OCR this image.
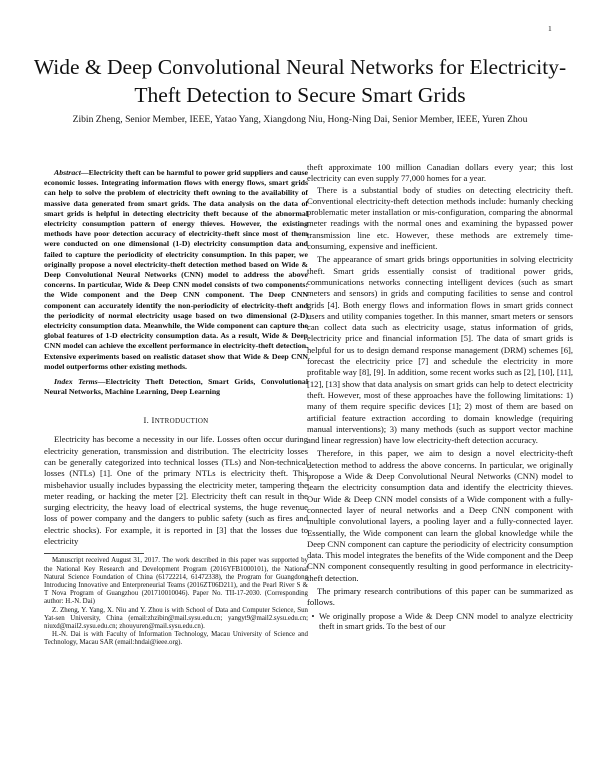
1
Wide & Deep Convolutional Neural Networks for Electricity-Theft Detection to Secure Smart Grids
Zibin Zheng, Senior Member, IEEE, Yatao Yang, Xiangdong Niu, Hong-Ning Dai, Senior Member, IEEE, Yuren Zhou

Abstract—Electricity theft can be harmful to power grid suppliers and cause economic losses. Integrating information flows with energy flows, smart grids can help to solve the problem of electricity theft owning to the availability of massive data generated from smart grids. The data analysis on the data of smart grids is helpful in detecting electricity theft because of the abnormal electricity consumption pattern of energy thieves. However, the existing methods have poor detection accuracy of electricity-theft since most of them were conducted on one dimensional (1-D) electricity consumption data and failed to capture the periodicity of electricity consumption. In this paper, we originally propose a novel electricity-theft detection method based on Wide & Deep Convolutional Neural Networks (CNN) model to address the above concerns. In particular, Wide & Deep CNN model consists of two components: the Wide component and the Deep CNN component. The Deep CNN component can accurately identify the non-periodicity of electricity-theft and the periodicity of normal electricity usage based on two dimensional (2-D) electricity consumption data. Meanwhile, the Wide component can capture the global features of 1-D electricity consumption data. As a result, Wide & Deep CNN model can achieve the excellent performance in electricity-theft detection. Extensive experiments based on realistic dataset show that Wide & Deep CNN model outperforms other existing methods.

Index Terms—Electricity Theft Detection, Smart Grids, Convolutional Neural Networks, Machine Learning, Deep Learning

I. INTRODUCTION

Electricity has become a necessity in our life. Losses often occur during electricity generation, transmission and distribution. The electricity losses can be generally categorized into technical losses (TLs) and Non-technical losses (NTLs) [1]. One of the primary NTLs is electricity theft. This misbehavior usually includes bypassing the electricity meter, tampering the meter reading, or hacking the meter [2]. Electricity theft can result in the surging electricity, the heavy load of electrical systems, the huge revenue loss of power company and the dangers to public safety (such as fires and electric shocks). For example, it is reported in [3] that the losses due to electricity

Manuscript received August 31, 2017. The work described in this paper was supported by the National Key Research and Development Program (2016YFB1000101), the National Natural Science Foundation of China (61722214, 61472338), the Program for Guangdong Introducing Innovative and Enterpreneurial Teams (2016ZT06D211), and the Pearl River S & T Nova Program of Guangzhou (201710010046). Paper No. TII-17-2030. (Corresponding author: H.-N. Dai)

Z. Zheng, Y. Yang, X. Niu and Y. Zhou is with School of Data and Computer Science, Sun Yat-sen University, China (email:zhzibin@mail.sysu.edu.cn; yangyt9@mail2.sysu.edu.cn; niuxd@mail2.sysu.edu.cn; zhouyuren@mail.sysu.edu.cn).

H.-N. Dai is with Faculty of Information Technology, Macau University of Science and Technology, Macau SAR (email:hndai@ieee.org).

theft approximate 100 million Canadian dollars every year; this lost electricity can even supply 77,000 homes for a year.

There is a substantial body of studies on detecting electricity theft. Conventional electricity-theft detection methods include: humanly checking problematic meter installation or mis-configuration, comparing the abnormal meter readings with the normal ones and examining the bypassed power transmission line etc. However, these methods are extremely time-consuming, expensive and inefficient.

The appearance of smart grids brings opportunities in solving electricity theft. Smart grids essentially consist of traditional power grids, communications networks connecting intelligent devices (such as smart meters and sensors) in grids and computing facilities to sense and control grids [4]. Both energy flows and information flows in smart grids connect users and utility companies together. In this manner, smart meters or sensors can collect data such as electricity usage, status information of grids, electricity price and financial information [5]. The data of smart grids is helpful for us to design demand response management (DRM) schemes [6], forecast the electricity price [7] and schedule the electricity in more profitable way [8], [9]. In addition, some recent works such as [2], [10], [11], [12], [13] show that data analysis on smart grids can help to detect electricity theft. However, most of these approaches have the following limitations: 1) many of them require specific devices [1]; 2) most of them are based on artificial feature extraction according to domain knowledge (requiring manual interventions); 3) many methods (such as support vector machine and linear regression) have low electricity-theft detection accuracy.

Therefore, in this paper, we aim to design a novel electricity-theft detection method to address the above concerns. In particular, we originally propose a Wide & Deep Convolutional Neural Networks (CNN) model to learn the electricity consumption data and identify the electricity thieves. Our Wide & Deep CNN model consists of a Wide component with a fully-connected layer of neural networks and a Deep CNN component with multiple convolutional layers, a pooling layer and a fully-connected layer. Essentially, the Wide component can learn the global knowledge while the Deep CNN component can capture the periodicity of electricity consumption data. This model integrates the benefits of the Wide component and the Deep CNN component consequently resulting in good performance in electricity-theft detection.

The primary research contributions of this paper can be summarized as follows.

• We originally propose a Wide & Deep CNN model to analyze electricity theft in smart grids. To the best of our
